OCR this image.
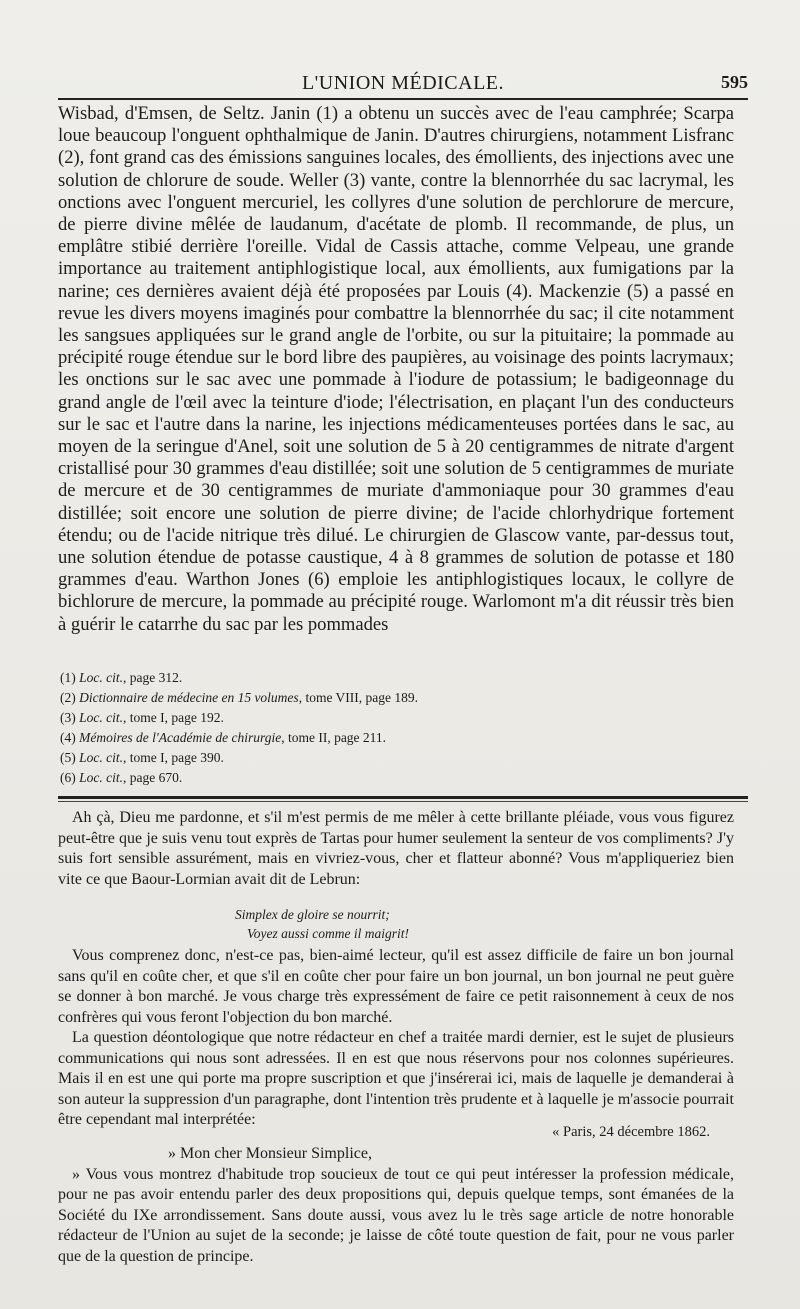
L'UNION MÉDICALE.	595

Wisbad, d'Emsen, de Seltz. Janin (1) a obtenu un succès avec de l'eau camphrée; Scarpa loue beaucoup l'onguent ophthalmique de Janin. D'autres chirurgiens, notamment Lisfranc (2), font grand cas des émissions sanguines locales, des émollients, des injections avec une solution de chlorure de soude. Weller (3) vante, contre la blennorrhée du sac lacrymal, les onctions avec l'onguent mercuriel, les collyres d'une solution de perchlorure de mercure, de pierre divine mêlée de laudanum, d'acétate de plomb. Il recommande, de plus, un emplâtre stibié derrière l'oreille. Vidal de Cassis attache, comme Velpeau, une grande importance au traitement antiphlogistique local, aux émollients, aux fumigations par la narine; ces dernières avaient déjà été proposées par Louis (4). Mackenzie (5) a passé en revue les divers moyens imaginés pour combattre la blennorrhée du sac; il cite notamment les sangsues appliquées sur le grand angle de l'orbite, ou sur la pituitaire; la pommade au précipité rouge étendue sur le bord libre des paupières, au voisinage des points lacrymaux; les onctions sur le sac avec une pommade à l'iodure de potassium; le badigeonnage du grand angle de l'œil avec la teinture d'iode; l'électrisation, en plaçant l'un des conducteurs sur le sac et l'autre dans la narine, les injections médicamenteuses portées dans le sac, au moyen de la seringue d'Anel, soit une solution de 5 à 20 centigrammes de nitrate d'argent cristallisé pour 30 grammes d'eau distillée; soit une solution de 5 centigrammes de muriate de mercure et de 30 centigrammes de muriate d'ammoniaque pour 30 grammes d'eau distillée; soit encore une solution de pierre divine; de l'acide chlorhydrique fortement étendu; ou de l'acide nitrique très dilué. Le chirurgien de Glascow vante, par-dessus tout, une solution étendue de potasse caustique, 4 à 8 grammes de solution de potasse et 180 grammes d'eau. Warthon Jones (6) emploie les antiphlogistiques locaux, le collyre de bichlorure de mercure, la pommade au précipité rouge. Warlomont m'a dit réussir très bien à guérir le catarrhe du sac par les pommades

(1) Loc. cit., page 312.
(2) Dictionnaire de médecine en 15 volumes, tome VIII, page 189.
(3) Loc. cit., tome I, page 192.
(4) Mémoires de l'Académie de chirurgie, tome II, page 211.
(5) Loc. cit., tome I, page 390.
(6) Loc. cit., page 670.

Ah çà, Dieu me pardonne, et s'il m'est permis de me mêler à cette brillante pléiade, vous vous figurez peut-être que je suis venu tout exprès de Tartas pour humer seulement la senteur de vos compliments? J'y suis fort sensible assurément, mais en vivriez-vous, cher et flatteur abonné? Vous m'appliqueriez bien vite ce que Baour-Lormian avait dit de Lebrun:

Simplex de gloire se nourrit;
Voyez aussi comme il maigrit!

Vous comprenez donc, n'est-ce pas, bien-aimé lecteur, qu'il est assez difficile de faire un bon journal sans qu'il en coûte cher, et que s'il en coûte cher pour faire un bon journal, un bon journal ne peut guère se donner à bon marché. Je vous charge très expressément de faire ce petit raisonnement à ceux de nos confrères qui vous feront l'objection du bon marché.

La question déontologique que notre rédacteur en chef a traitée mardi dernier, est le sujet de plusieurs communications qui nous sont adressées. Il en est que nous réservons pour nos colonnes supérieures. Mais il en est une qui porte ma propre suscription et que j'insérerai ici, mais de laquelle je demanderai à son auteur la suppression d'un paragraphe, dont l'intention très prudente et à laquelle je m'associe pourrait être cependant mal interprétée:

« Paris, 24 décembre 1862.

» Mon cher Monsieur Simplice,

» Vous vous montrez d'habitude trop soucieux de tout ce qui peut intéresser la profession médicale, pour ne pas avoir entendu parler des deux propositions qui, depuis quelque temps, sont émanées de la Société du IXe arrondissement. Sans doute aussi, vous avez lu le très sage article de notre honorable rédacteur de l'Union au sujet de la seconde; je laisse de côté toute question de fait, pour ne vous parler que de la question de principe.
